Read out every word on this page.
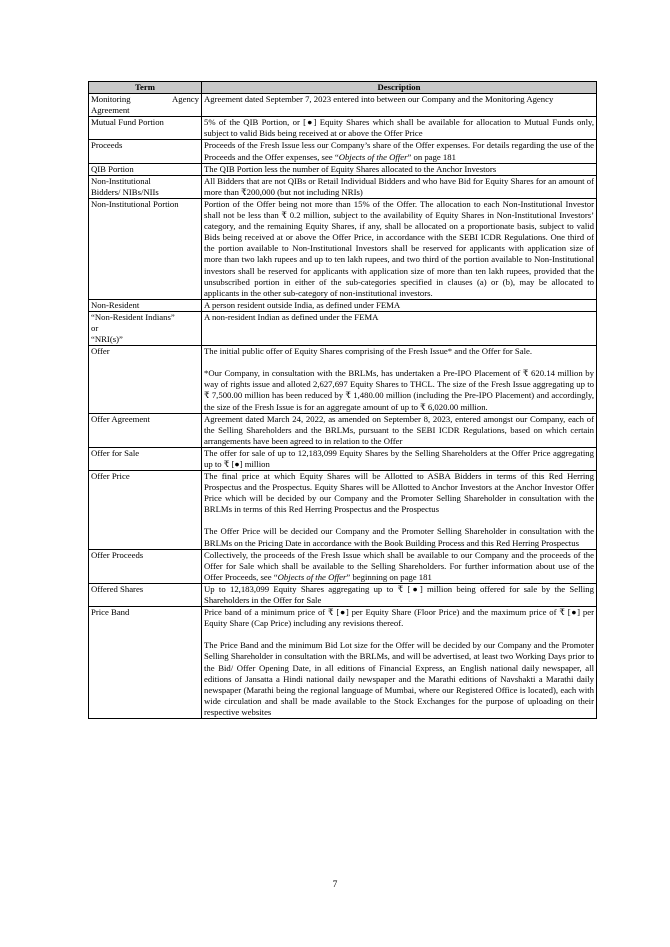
Term	Description

Monitoring Agency
Agreement	Agreement dated September 7, 2023 entered into between our Company and the Monitoring Agency

Mutual Fund Portion	5% of the QIB Portion, or [●] Equity Shares which shall be available for allocation to Mutual Funds only, subject to valid Bids being received at or above the Offer Price

Proceeds	Proceeds of the Fresh Issue less our Company’s share of the Offer expenses. For details regarding the use of the Proceeds and the Offer expenses, see “Objects of the Offer” on page 181

QIB Portion	The QIB Portion less the number of Equity Shares allocated to the Anchor Investors

Non-Institutional
Bidders/ NIBs/NIIs	All Bidders that are not QIBs or Retail Individual Bidders and who have Bid for Equity Shares for an amount of more than ₹200,000 (but not including NRIs)

Non-Institutional Portion	Portion of the Offer being not more than 15% of the Offer. The allocation to each Non-Institutional Investor shall not be less than ₹ 0.2 million, subject to the availability of Equity Shares in Non-Institutional Investors’ category, and the remaining Equity Shares, if any, shall be allocated on a proportionate basis, subject to valid Bids being received at or above the Offer Price, in accordance with the SEBI ICDR Regulations. One third of the portion available to Non-Institutional Investors shall be reserved for applicants with application size of more than two lakh rupees and up to ten lakh rupees, and two third of the portion available to Non-Institutional investors shall be reserved for applicants with application size of more than ten lakh rupees, provided that the unsubscribed portion in either of the sub-categories specified in clauses (a) or (b), may be allocated to applicants in the other sub-category of non-institutional investors.

Non-Resident	A person resident outside India, as defined under FEMA

“Non-Resident Indians”
or
“NRI(s)”	A non-resident Indian as defined under the FEMA

Offer	The initial public offer of Equity Shares comprising of the Fresh Issue* and the Offer for Sale.

*Our Company, in consultation with the BRLMs, has undertaken a Pre-IPO Placement of ₹ 620.14 million by way of rights issue and alloted 2,627,697 Equity Shares to THCL. The size of the Fresh Issue aggregating up to ₹ 7,500.00 million has been reduced by ₹ 1,480.00 million (including the Pre-IPO Placement) and accordingly, the size of the Fresh Issue is for an aggregate amount of up to ₹ 6,020.00 million.

Offer Agreement	Agreement dated March 24, 2022, as amended on September 8, 2023, entered amongst our Company, each of the Selling Shareholders and the BRLMs, pursuant to the SEBI ICDR Regulations, based on which certain arrangements have been agreed to in relation to the Offer

Offer for Sale	The offer for sale of up to 12,183,099 Equity Shares by the Selling Shareholders at the Offer Price aggregating up to ₹ [●] million

Offer Price	The final price at which Equity Shares will be Allotted to ASBA Bidders in terms of this Red Herring Prospectus and the Prospectus. Equity Shares will be Allotted to Anchor Investors at the Anchor Investor Offer Price which will be decided by our Company and the Promoter Selling Shareholder in consultation with the BRLMs in terms of this Red Herring Prospectus and the Prospectus

The Offer Price will be decided our Company and the Promoter Selling Shareholder in consultation with the BRLMs on the Pricing Date in accordance with the Book Building Process and this Red Herring Prospectus

Offer Proceeds	Collectively, the proceeds of the Fresh Issue which shall be available to our Company and the proceeds of the Offer for Sale which shall be available to the Selling Shareholders. For further information about use of the Offer Proceeds, see “Objects of the Offer” beginning on page 181

Offered Shares	Up to 12,183,099 Equity Shares aggregating up to ₹ [●] million being offered for sale by the Selling Shareholders in the Offer for Sale

Price Band	Price band of a minimum price of ₹ [●] per Equity Share (Floor Price) and the maximum price of ₹ [●] per Equity Share (Cap Price) including any revisions thereof.

The Price Band and the minimum Bid Lot size for the Offer will be decided by our Company and the Promoter Selling Shareholder in consultation with the BRLMs, and will be advertised, at least two Working Days prior to the Bid/ Offer Opening Date, in all editions of Financial Express, an English national daily newspaper, all editions of Jansatta a Hindi national daily newspaper and the Marathi editions of Navshakti a Marathi daily newspaper (Marathi being the regional language of Mumbai, where our Registered Office is located), each with wide circulation and shall be made available to the Stock Exchanges for the purpose of uploading on their respective websites

7
